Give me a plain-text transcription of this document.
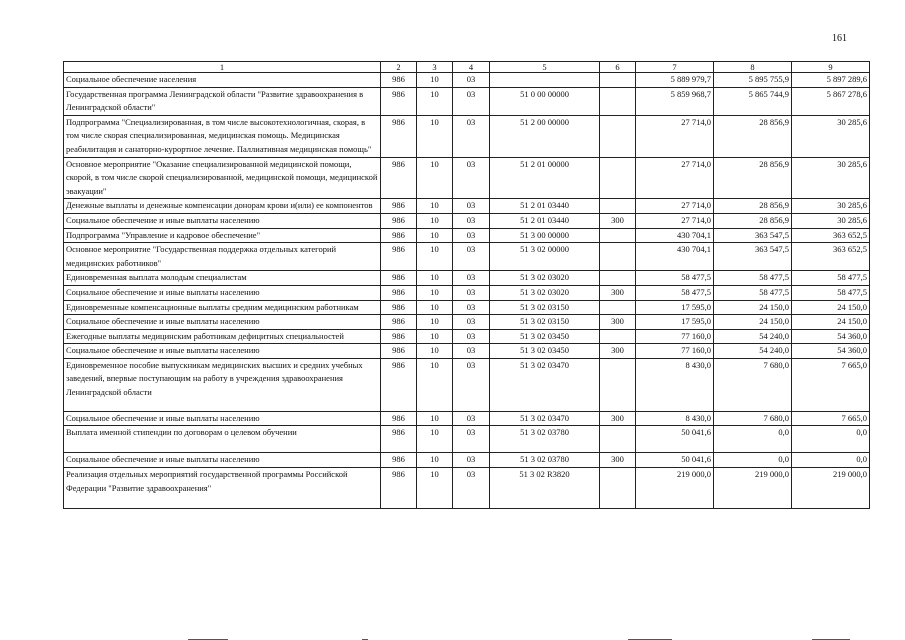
161
1	2	3	4	5	6	7	8	9
Социальное обеспечение населения	986	10	03			5 889 979,7	5 895 755,9	5 897 289,6
Государственная программа Ленинградской области "Развитие здравоохранения в Ленинградской области"	986	10	03	51 0 00 00000		5 859 968,7	5 865 744,9	5 867 278,6
Подпрограмма "Специализированная, в том числе высокотехнологичная, скорая, в том числе скорая специализированная, медицинская помощь. Медицинская реабилитация и санаторно-курортное лечение. Паллиативная медицинская помощь"	986	10	03	51 2 00 00000		27 714,0	28 856,9	30 285,6
Основное мероприятие "Оказание специализированной медицинской помощи, скорой, в том числе скорой специализированной, медицинской помощи, медицинской эвакуации"	986	10	03	51 2 01 00000		27 714,0	28 856,9	30 285,6
Денежные выплаты и денежные компенсации донорам крови и(или) ее компонентов	986	10	03	51 2 01 03440		27 714,0	28 856,9	30 285,6
Социальное обеспечение и иные выплаты населению	986	10	03	51 2 01 03440	300	27 714,0	28 856,9	30 285,6
Подпрограмма "Управление и кадровое обеспечение"	986	10	03	51 3 00 00000		430 704,1	363 547,5	363 652,5
Основное мероприятие "Государственная поддержка отдельных категорий медицинских работников"	986	10	03	51 3 02 00000		430 704,1	363 547,5	363 652,5
Единовременная выплата молодым специалистам	986	10	03	51 3 02 03020		58 477,5	58 477,5	58 477,5
Социальное обеспечение и иные выплаты населению	986	10	03	51 3 02 03020	300	58 477,5	58 477,5	58 477,5
Единовременные компенсационные выплаты средним медицинским работникам	986	10	03	51 3 02 03150		17 595,0	24 150,0	24 150,0
Социальное обеспечение и иные выплаты населению	986	10	03	51 3 02 03150	300	17 595,0	24 150,0	24 150,0
Ежегодные выплаты медицинским работникам дефицитных специальностей	986	10	03	51 3 02 03450		77 160,0	54 240,0	54 360,0
Социальное обеспечение и иные выплаты населению	986	10	03	51 3 02 03450	300	77 160,0	54 240,0	54 360,0
Единовременное пособие выпускникам медицинских высших и средних учебных заведений, впервые поступающим на работу в учреждения здравоохранения Ленинградской области	986	10	03	51 3 02 03470		8 430,0	7 680,0	7 665,0
Социальное обеспечение и иные выплаты населению	986	10	03	51 3 02 03470	300	8 430,0	7 680,0	7 665,0
Выплата именной стипендии по договорам о целевом обучении	986	10	03	51 3 02 03780		50 041,6	0,0	0,0
Социальное обеспечение и иные выплаты населению	986	10	03	51 3 02 03780	300	50 041,6	0,0	0,0
Реализация отдельных мероприятий государственной программы Российской Федерации "Развитие здравоохранения"	986	10	03	51 3 02 R3820		219 000,0	219 000,0	219 000,0
